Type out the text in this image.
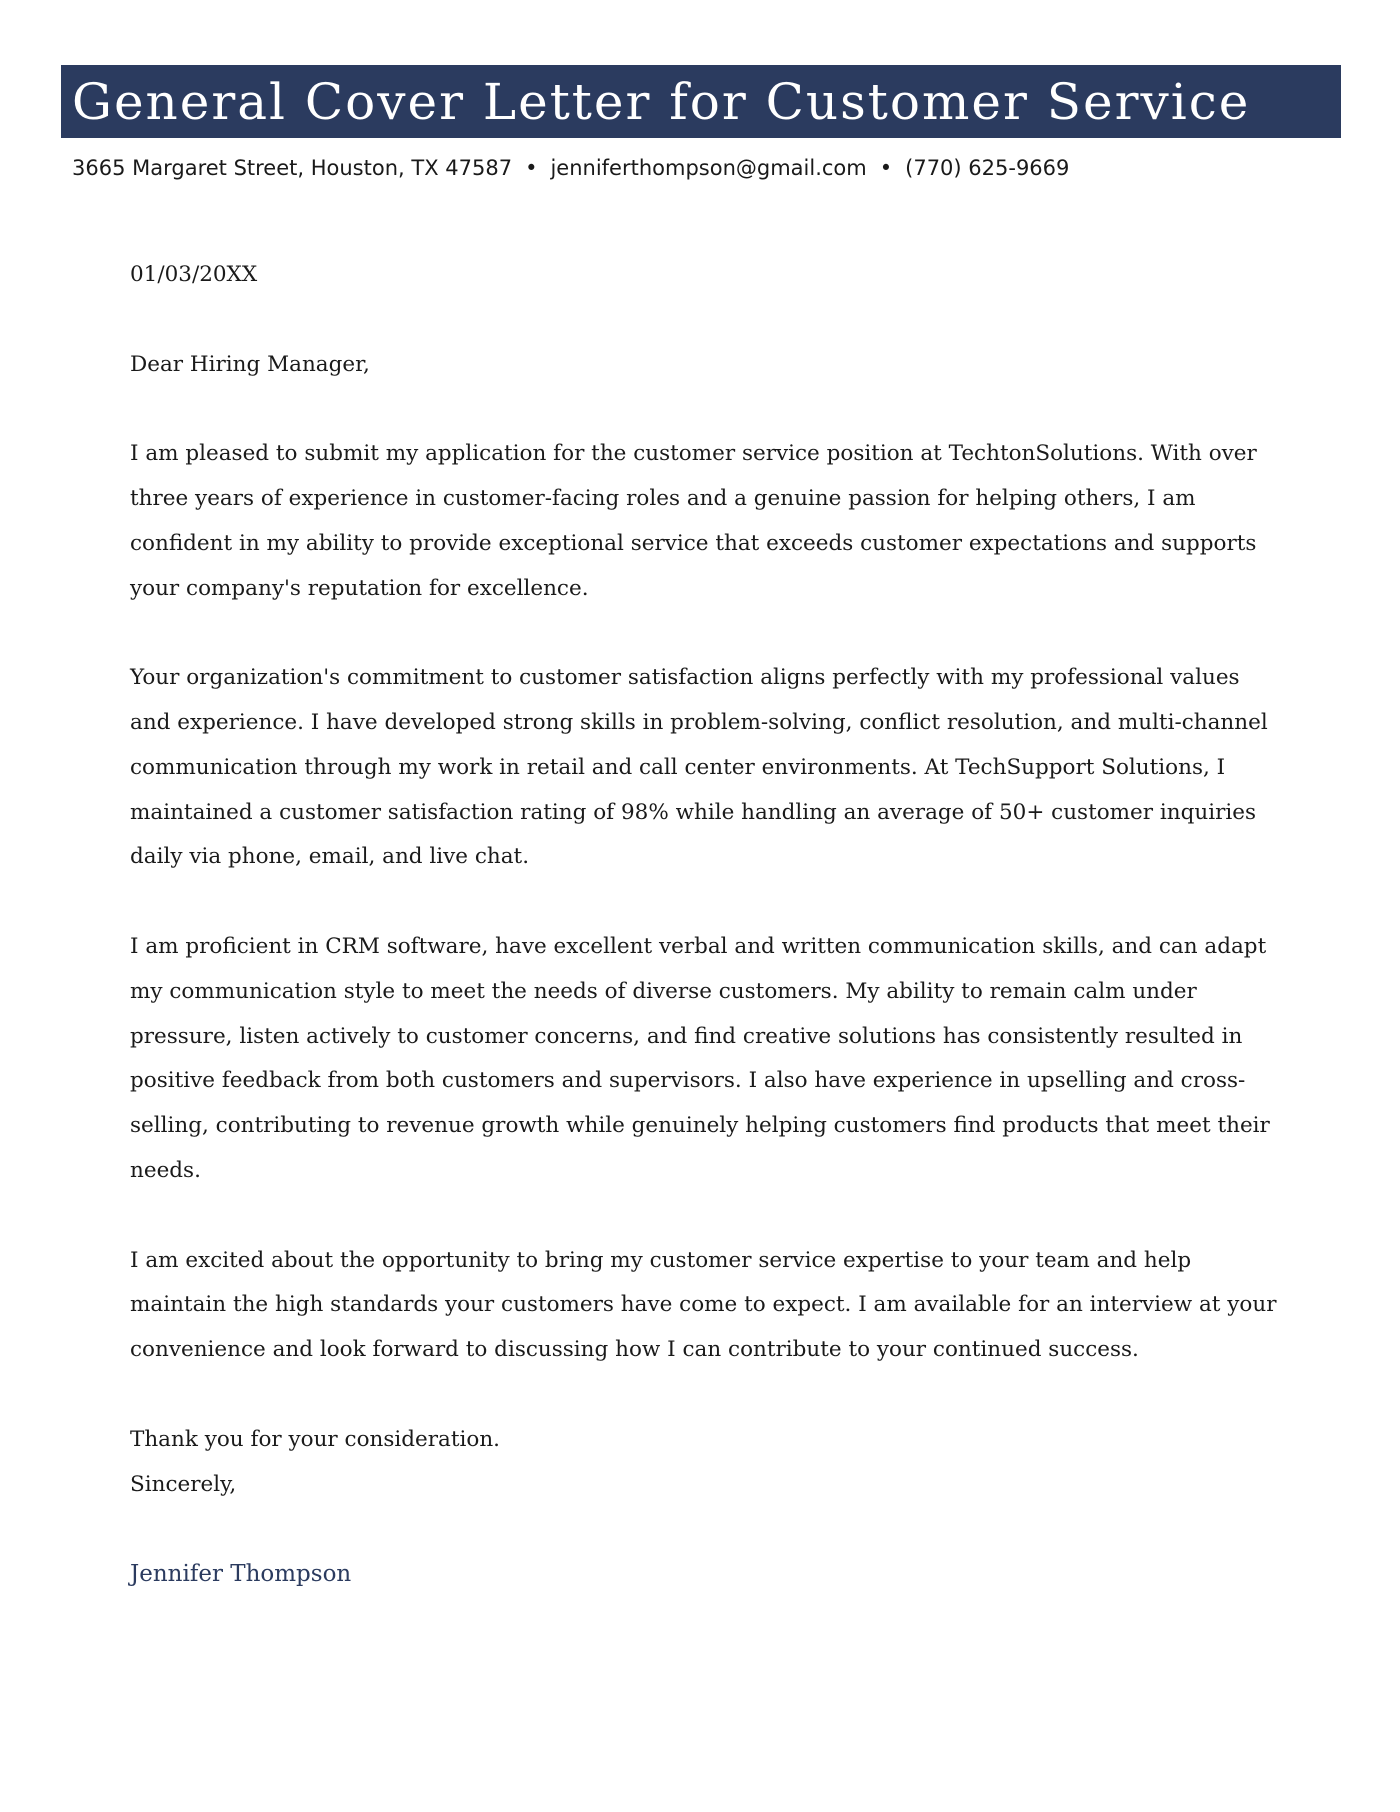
General Cover Letter for Customer Service
3665 Margaret Street, Houston, TX 47587 • jenniferthompson@gmail.com • (770) 625-9669

01/03/20XX

Dear Hiring Manager,

I am pleased to submit my application for the customer service position at TechtonSolutions. With over three years of experience in customer-facing roles and a genuine passion for helping others, I am confident in my ability to provide exceptional service that exceeds customer expectations and supports your company's reputation for excellence.

Your organization's commitment to customer satisfaction aligns perfectly with my professional values and experience. I have developed strong skills in problem-solving, conflict resolution, and multi-channel communication through my work in retail and call center environments. At TechSupport Solutions, I maintained a customer satisfaction rating of 98% while handling an average of 50+ customer inquiries daily via phone, email, and live chat.

I am proficient in CRM software, have excellent verbal and written communication skills, and can adapt my communication style to meet the needs of diverse customers. My ability to remain calm under pressure, listen actively to customer concerns, and find creative solutions has consistently resulted in positive feedback from both customers and supervisors. I also have experience in upselling and cross-selling, contributing to revenue growth while genuinely helping customers find products that meet their needs.

I am excited about the opportunity to bring my customer service expertise to your team and help maintain the high standards your customers have come to expect. I am available for an interview at your convenience and look forward to discussing how I can contribute to your continued success.

Thank you for your consideration.
Sincerely,

Jennifer Thompson
